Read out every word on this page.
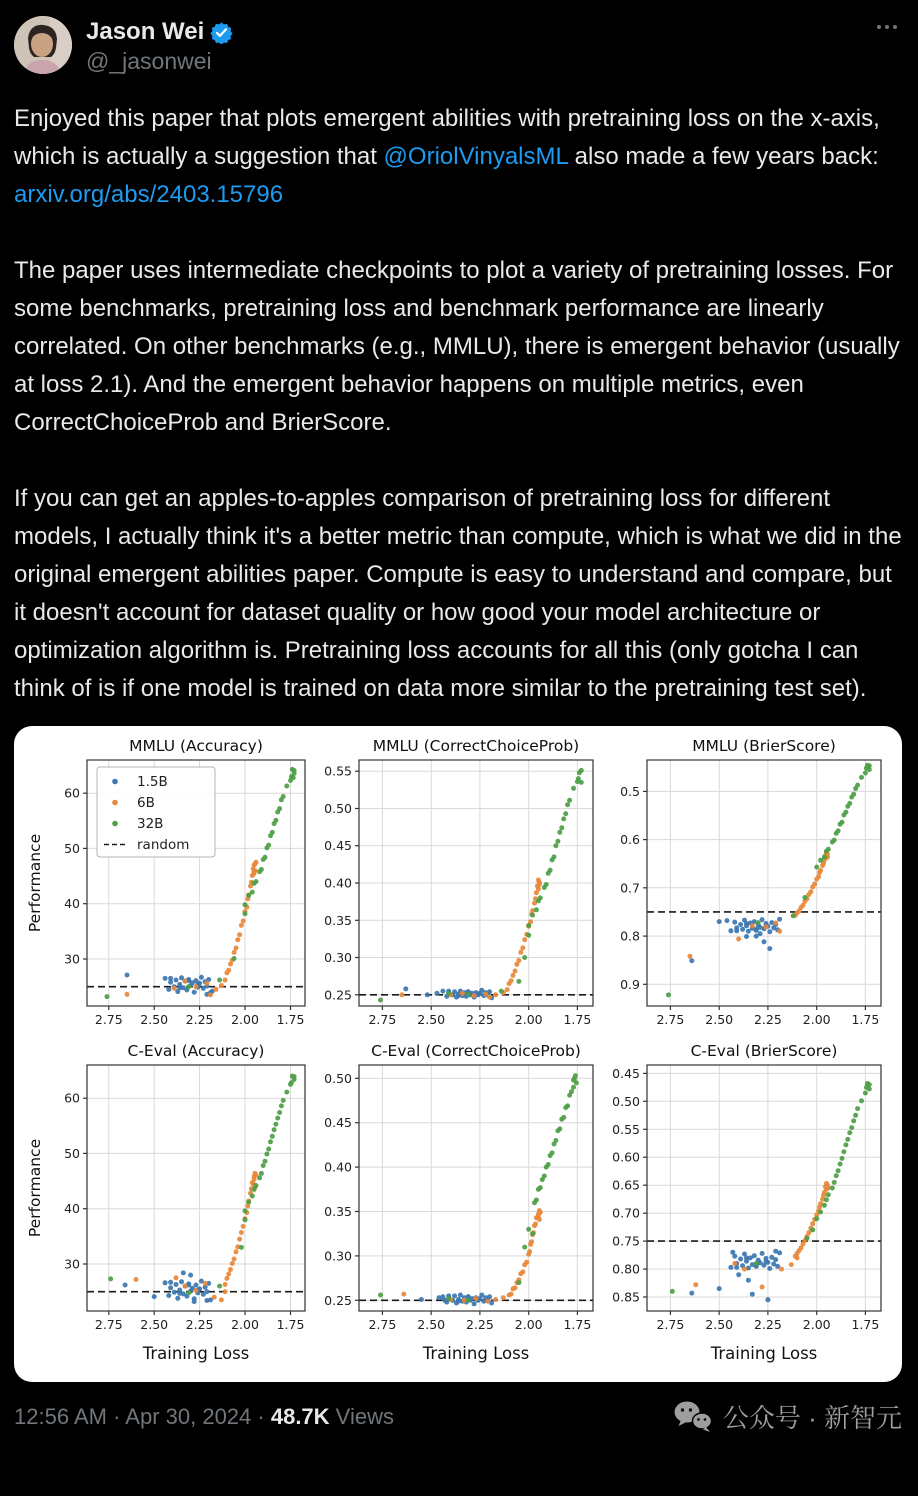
Jason Wei
@_jasonwei

Enjoyed this paper that plots emergent abilities with pretraining loss on the x-axis, which is actually a suggestion that @OriolVinyalsML also made a few years back: arxiv.org/abs/2403.15796

The paper uses intermediate checkpoints to plot a variety of pretraining losses. For some benchmarks, pretraining loss and benchmark performance are linearly correlated. On other benchmarks (e.g., MMLU), there is emergent behavior (usually at loss 2.1). And the emergent behavior happens on multiple metrics, even CorrectChoiceProb and BrierScore.

If you can get an apples-to-apples comparison of pretraining loss for different models, I actually think it's a better metric than compute, which is what we did in the original emergent abilities paper. Compute is easy to understand and compare, but it doesn't account for dataset quality or how good your model architecture or optimization algorithm is. Pretraining loss accounts for all this (only gotcha I can think of is if one model is trained on data more similar to the pretraining test set).

2.75 2.50 2.25 2.00 1.75
30
40
50
60
MMLU (Accuracy)
Performance
1.5B
6B
32B
random
2.75 2.50 2.25 2.00 1.75
0.25
0.30
0.35
0.40
0.45
0.50
0.55
MMLU (CorrectChoiceProb)
2.75 2.50 2.25 2.00 1.75
0.5
0.6
0.7
0.8
0.9
MMLU (BrierScore)
2.75 2.50 2.25 2.00 1.75
30
40
50
60
C-Eval (Accuracy)
Performance
Training Loss
2.75 2.50 2.25 2.00 1.75
0.25
0.30
0.35
0.40
0.45
0.50
C-Eval (CorrectChoiceProb)
Training Loss
2.75 2.50 2.25 2.00 1.75
0.45
0.50
0.55
0.60
0.65
0.70
0.75
0.80
0.85
C-Eval (BrierScore)
Training Loss
12:56 AM · Apr 30, 2024 · 48.7K Views	公众号 · 新智元
